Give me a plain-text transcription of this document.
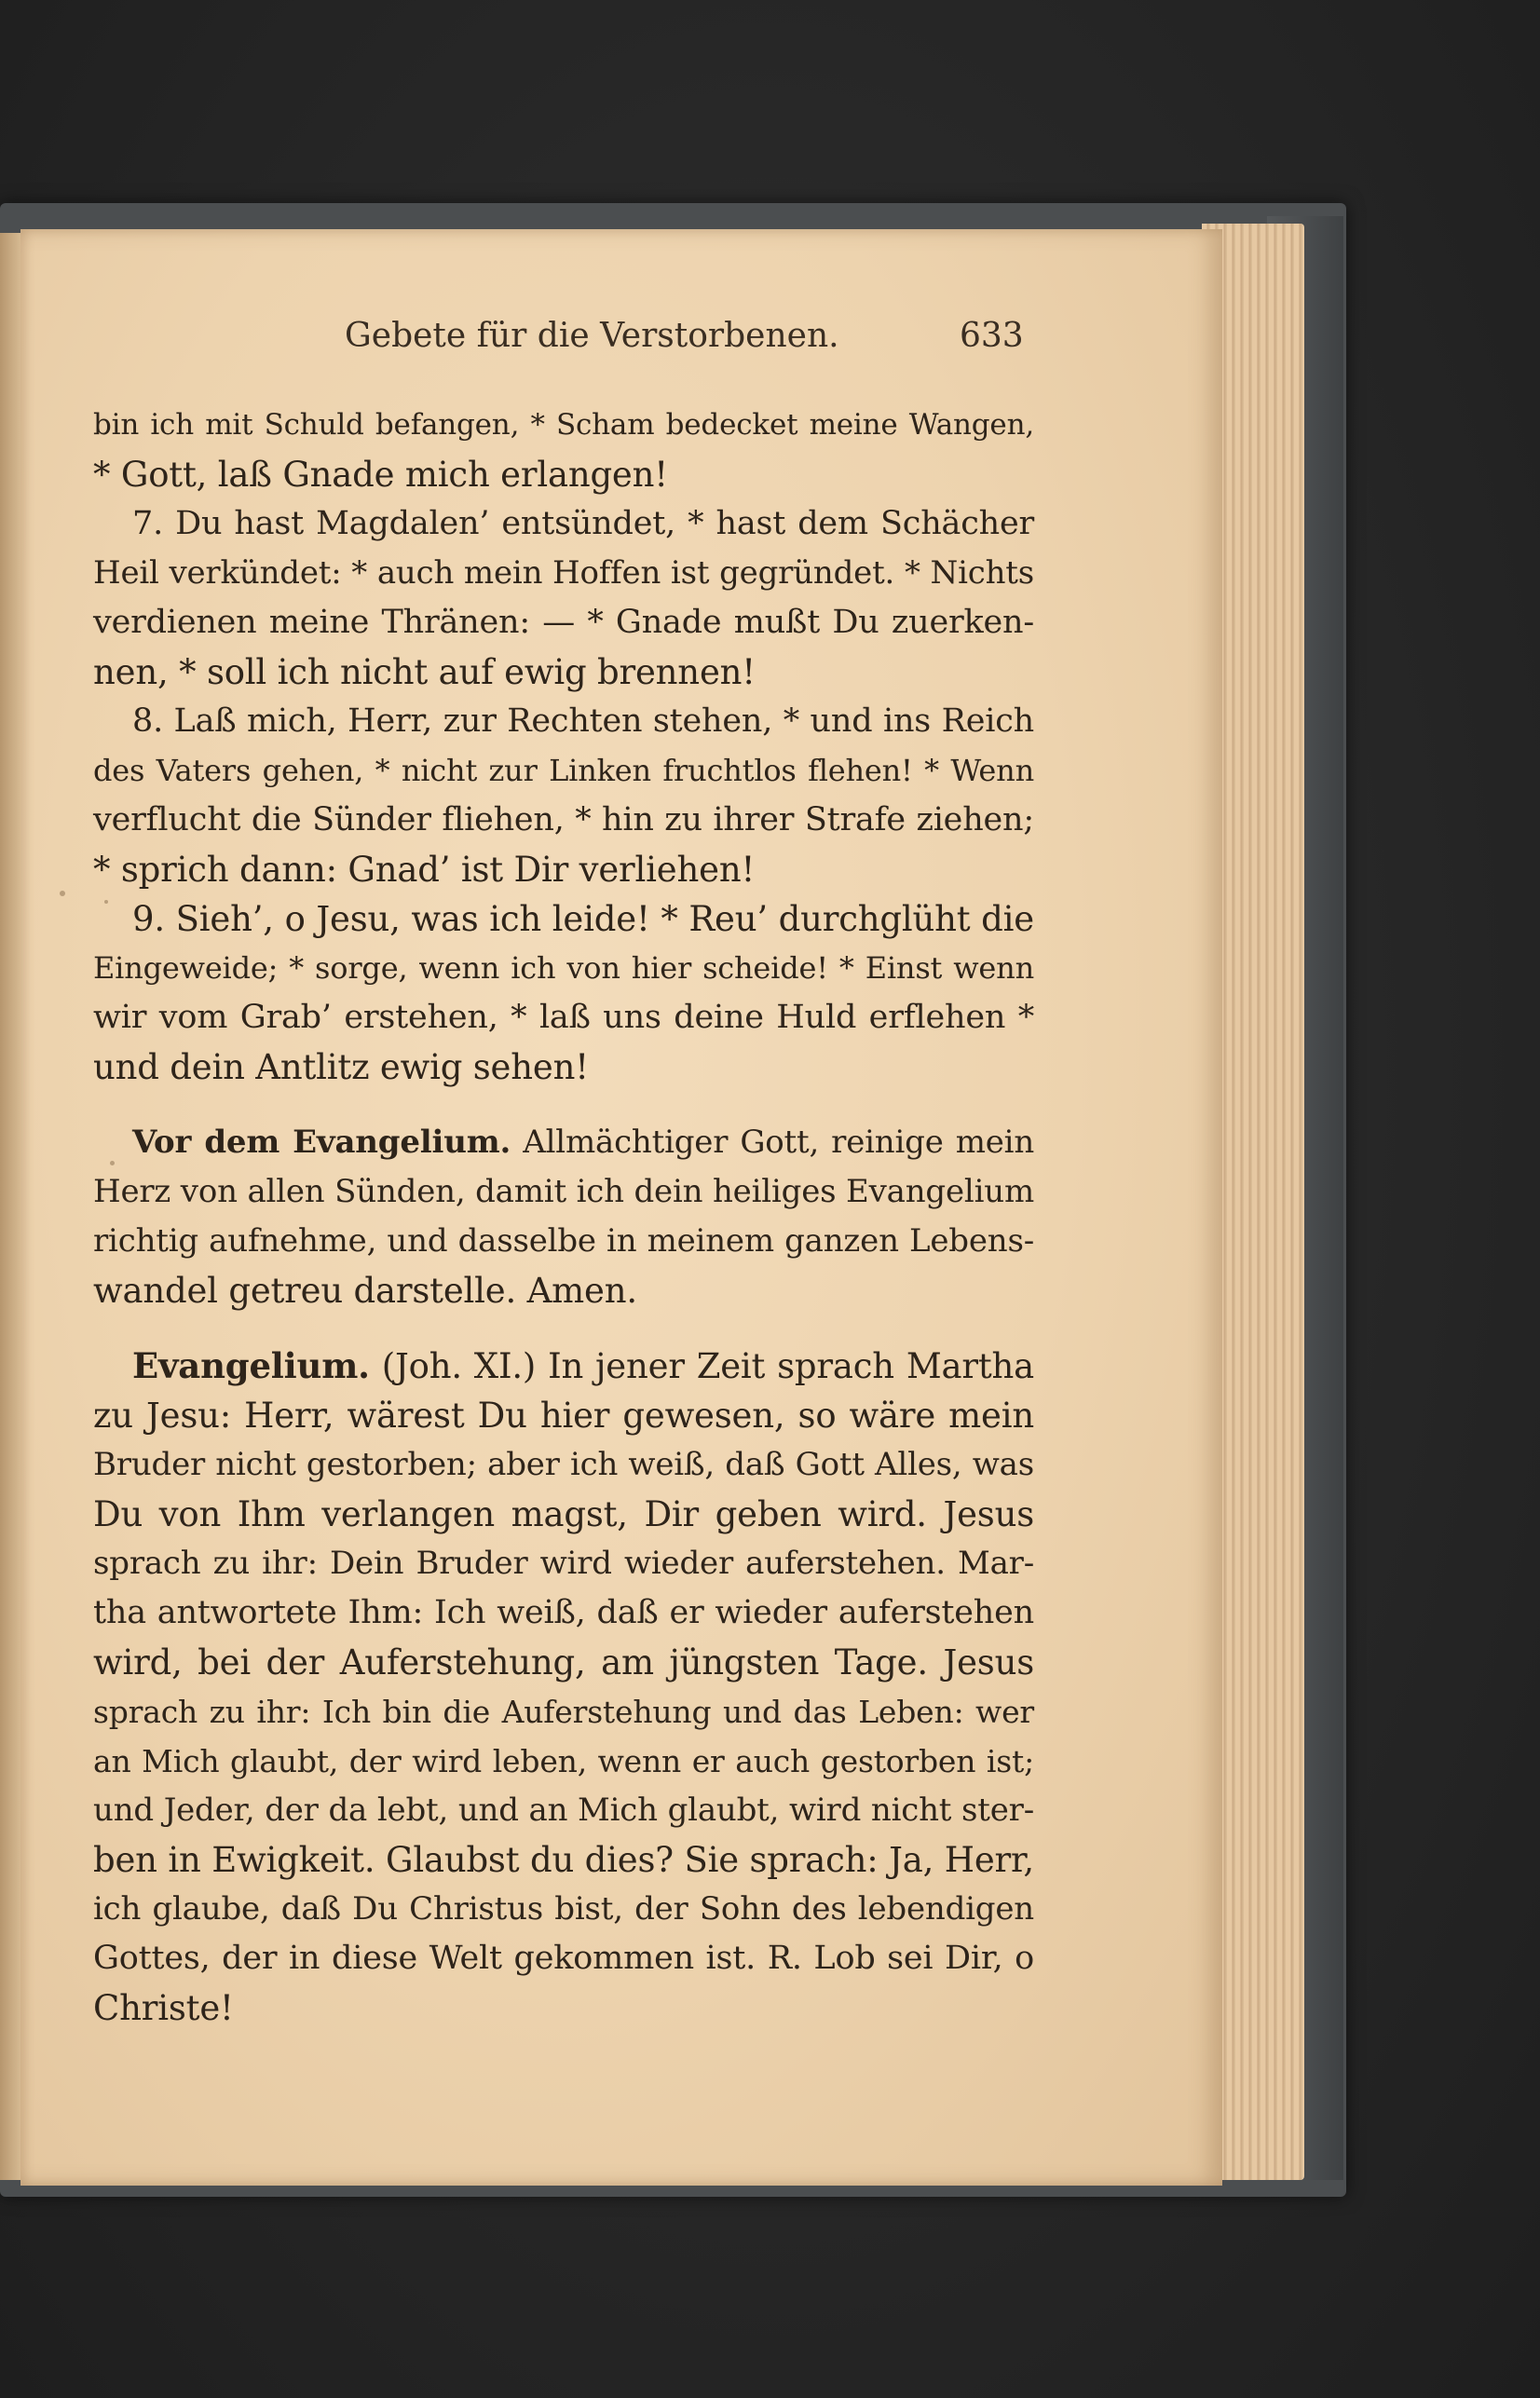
Gebete für die Verstorbenen.	633
bin ich mit Schuld befangen, * Scham bedecket meine Wangen,
* Gott, laß Gnade mich erlangen!
7. Du hast Magdalen’ entsündet, * hast dem Schächer
Heil verkündet: * auch mein Hoffen ist gegründet. * Nichts
verdienen meine Thränen: — * Gnade mußt Du zuerken-
nen, * soll ich nicht auf ewig brennen!
8. Laß mich, Herr, zur Rechten stehen, * und ins Reich
des Vaters gehen, * nicht zur Linken fruchtlos flehen! * Wenn
verflucht die Sünder fliehen, * hin zu ihrer Strafe ziehen;
* sprich dann: Gnad’ ist Dir verliehen!
9. Sieh’, o Jesu, was ich leide! * Reu’ durchglüht die
Eingeweide; * sorge, wenn ich von hier scheide! * Einst wenn
wir vom Grab’ erstehen, * laß uns deine Huld erflehen *
und dein Antlitz ewig sehen!
Vor dem Evangelium. Allmächtiger Gott, reinige mein
Herz von allen Sünden, damit ich dein heiliges Evangelium
richtig aufnehme, und dasselbe in meinem ganzen Lebens-
wandel getreu darstelle. Amen.
Evangelium. (Joh. XI.) In jener Zeit sprach Martha
zu Jesu: Herr, wärest Du hier gewesen, so wäre mein
Bruder nicht gestorben; aber ich weiß, daß Gott Alles, was
Du von Ihm verlangen magst, Dir geben wird. Jesus
sprach zu ihr: Dein Bruder wird wieder auferstehen. Mar-
tha antwortete Ihm: Ich weiß, daß er wieder auferstehen
wird, bei der Auferstehung, am jüngsten Tage. Jesus
sprach zu ihr: Ich bin die Auferstehung und das Leben: wer
an Mich glaubt, der wird leben, wenn er auch gestorben ist;
und Jeder, der da lebt, und an Mich glaubt, wird nicht ster-
ben in Ewigkeit. Glaubst du dies? Sie sprach: Ja, Herr,
ich glaube, daß Du Christus bist, der Sohn des lebendigen
Gottes, der in diese Welt gekommen ist. R. Lob sei Dir, o
Christe!
